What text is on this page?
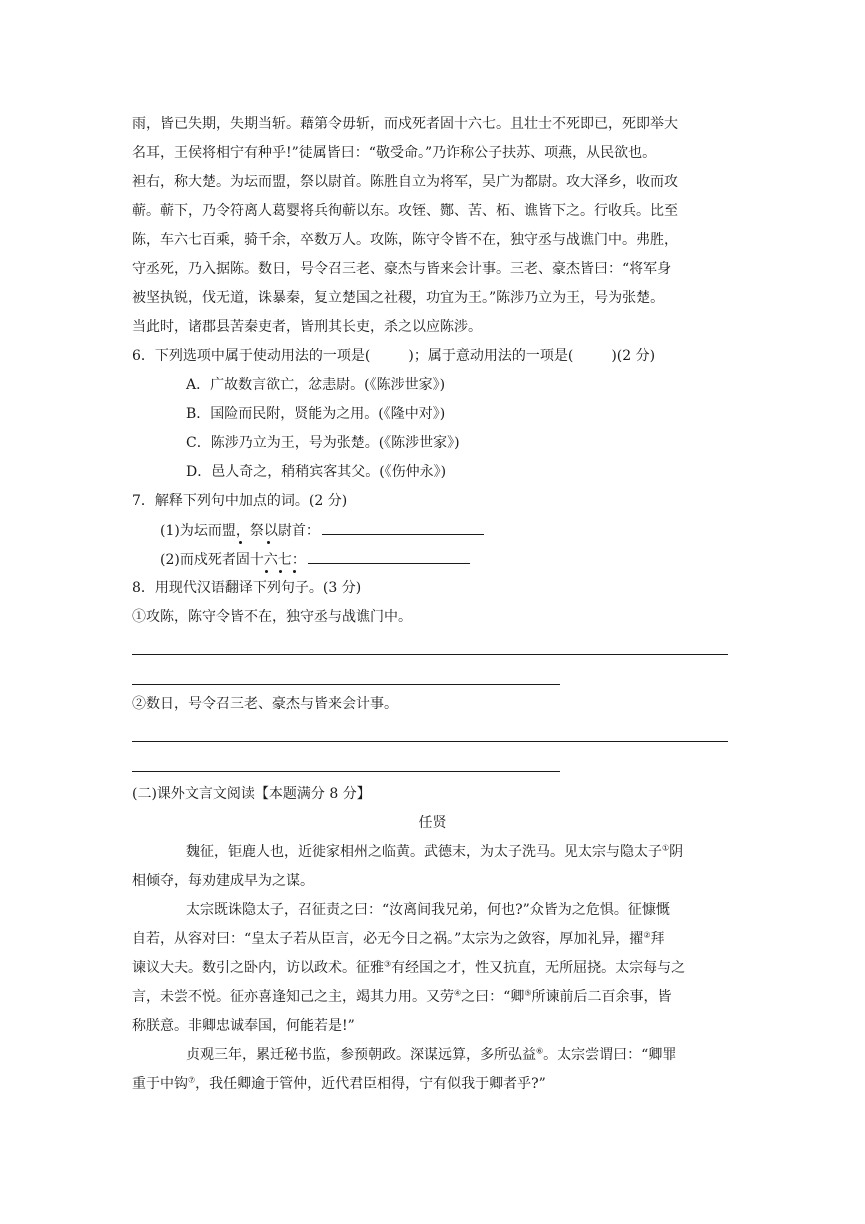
雨，皆已失期，失期当斩。藉第令毋斩，而戍死者固十六七。且壮士不死即已，死即举大
名耳，王侯将相宁有种乎!”徒属皆曰：“敬受命。”乃诈称公子扶苏、项燕，从民欲也。
袒右，称大楚。为坛而盟，祭以尉首。陈胜自立为将军，吴广为都尉。攻大泽乡，收而攻
蕲。蕲下，乃令符离人葛婴将兵徇蕲以东。攻铚、酂、苦、柘、谯皆下之。行收兵。比至
陈，车六七百乘，骑千余，卒数万人。攻陈，陈守令皆不在，独守丞与战谯门中。弗胜，
守丞死，乃入据陈。数日，号令召三老、豪杰与皆来会计事。三老、豪杰皆曰：“将军身
被坚执锐，伐无道，诛暴秦，复立楚国之社稷，功宜为王。”陈涉乃立为王，号为张楚。
当此时，诸郡县苦秦吏者，皆刑其长吏，杀之以应陈涉。
6．下列选项中属于使动用法的一项是(	)；属于意动用法的一项是(	)(2 分)
A．广故数言欲亡，忿恚尉。(《陈涉世家》)
B．国险而民附，贤能为之用。(《隆中对》)
C．陈涉乃立为王，号为张楚。(《陈涉世家》)
D．邑人奇之，稍稍宾客其父。(《伤仲永》)
7．解释下列句中加点的词。(2 分)
(1)为坛而盟，祭以尉首：
(2)而戍死者固十六七：
8．用现代汉语翻译下列句子。(3 分)
①攻陈，陈守令皆不在，独守丞与战谯门中。
②数日，号令召三老、豪杰与皆来会计事。
(二)课外文言文阅读【本题满分 8 分】
任贤
魏征，钜鹿人也，近徙家相州之临黄。武德末，为太子洗马。见太宗与隐太子①阴
相倾夺，每劝建成早为之谋。
太宗既诛隐太子，召征责之曰：“汝离间我兄弟，何也?”众皆为之危惧。征慷慨
自若，从容对曰：“皇太子若从臣言，必无今日之祸。”太宗为之敛容，厚加礼异，擢②拜
谏议大夫。数引之卧内，访以政术。征雅③有经国之才，性又抗直，无所屈挠。太宗每与之
言，未尝不悦。征亦喜逢知己之主，竭其力用。又劳④之曰：“卿⑤所谏前后二百余事，皆
称朕意。非卿忠诚奉国，何能若是!”
贞观三年，累迁秘书监，参预朝政。深谋远算，多所弘益⑥。太宗尝谓曰：“卿罪
重于中钩⑦，我任卿逾于管仲，近代君臣相得，宁有似我于卿者乎?”
